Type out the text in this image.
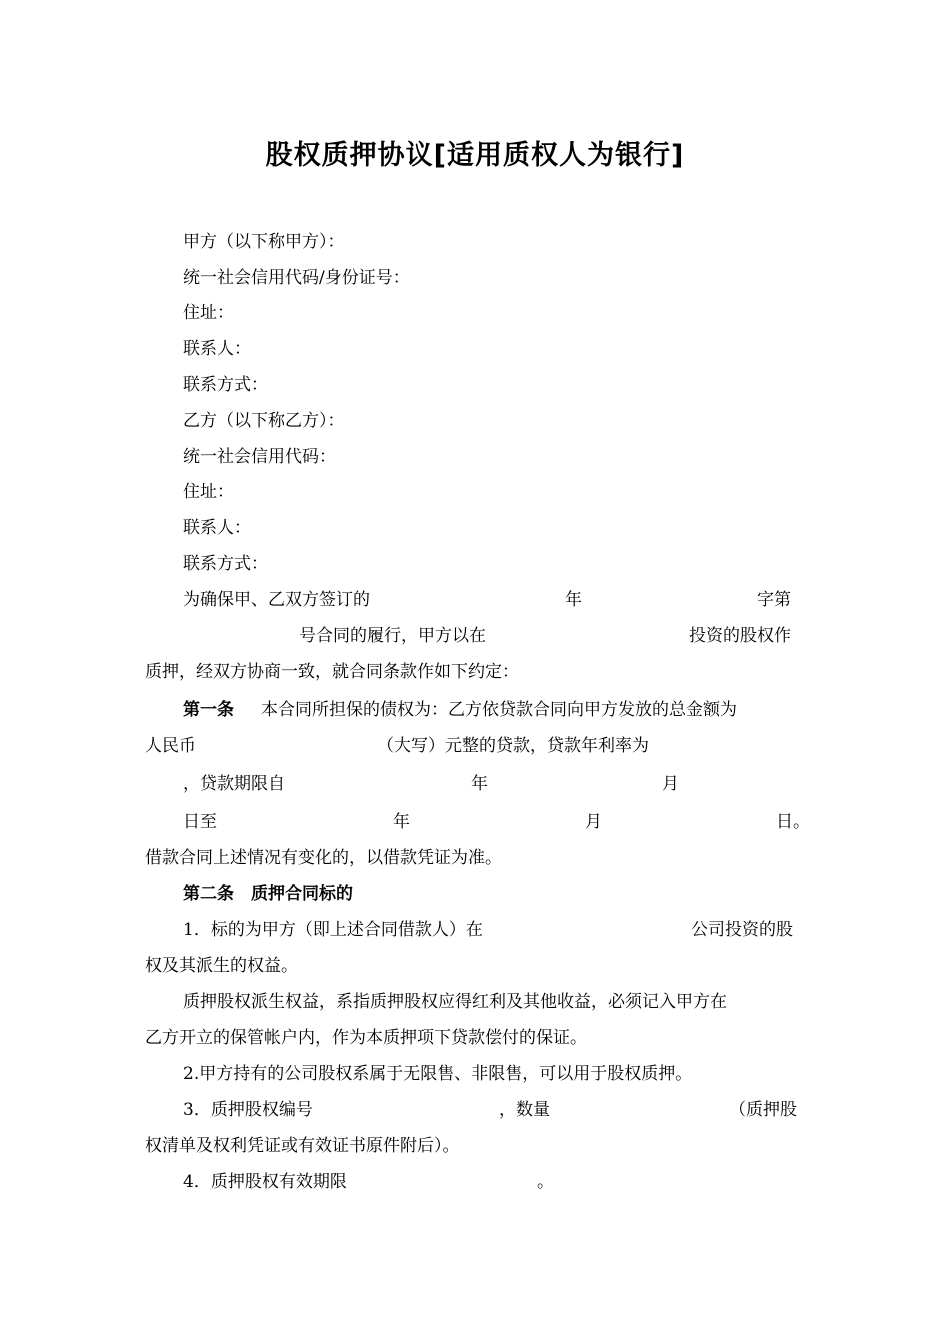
股权质押协议[适用质权人为银行]
甲方（以下称甲方）：
统一社会信用代码/身份证号：
住址：
联系人：
联系方式：
乙方（以下称乙方）：
统一社会信用代码：
住址：
联系人：
联系方式：
为确保甲、乙双方签订的	年	字第
号合同的履行，甲方以在	投资的股权作
质押，经双方协商一致，就合同条款作如下约定：
第一条 本合同所担保的债权为：乙方依贷款合同向甲方发放的总金额为
人民币	（大写）元整的贷款，贷款年利率为
，贷款期限自	年	月
日至	年	月	日。
借款合同上述情况有变化的，以借款凭证为准。
第二条　质押合同标的
1．标的为甲方（即上述合同借款人）在	公司投资的股
权及其派生的权益。
质押股权派生权益，系指质押股权应得红利及其他收益，必须记入甲方在
乙方开立的保管帐户内，作为本质押项下贷款偿付的保证。
2.甲方持有的公司股权系属于无限售、非限售，可以用于股权质押。
3．质押股权编号	，数量	（质押股
权清单及权利凭证或有效证书原件附后）。
4．质押股权有效期限	。
